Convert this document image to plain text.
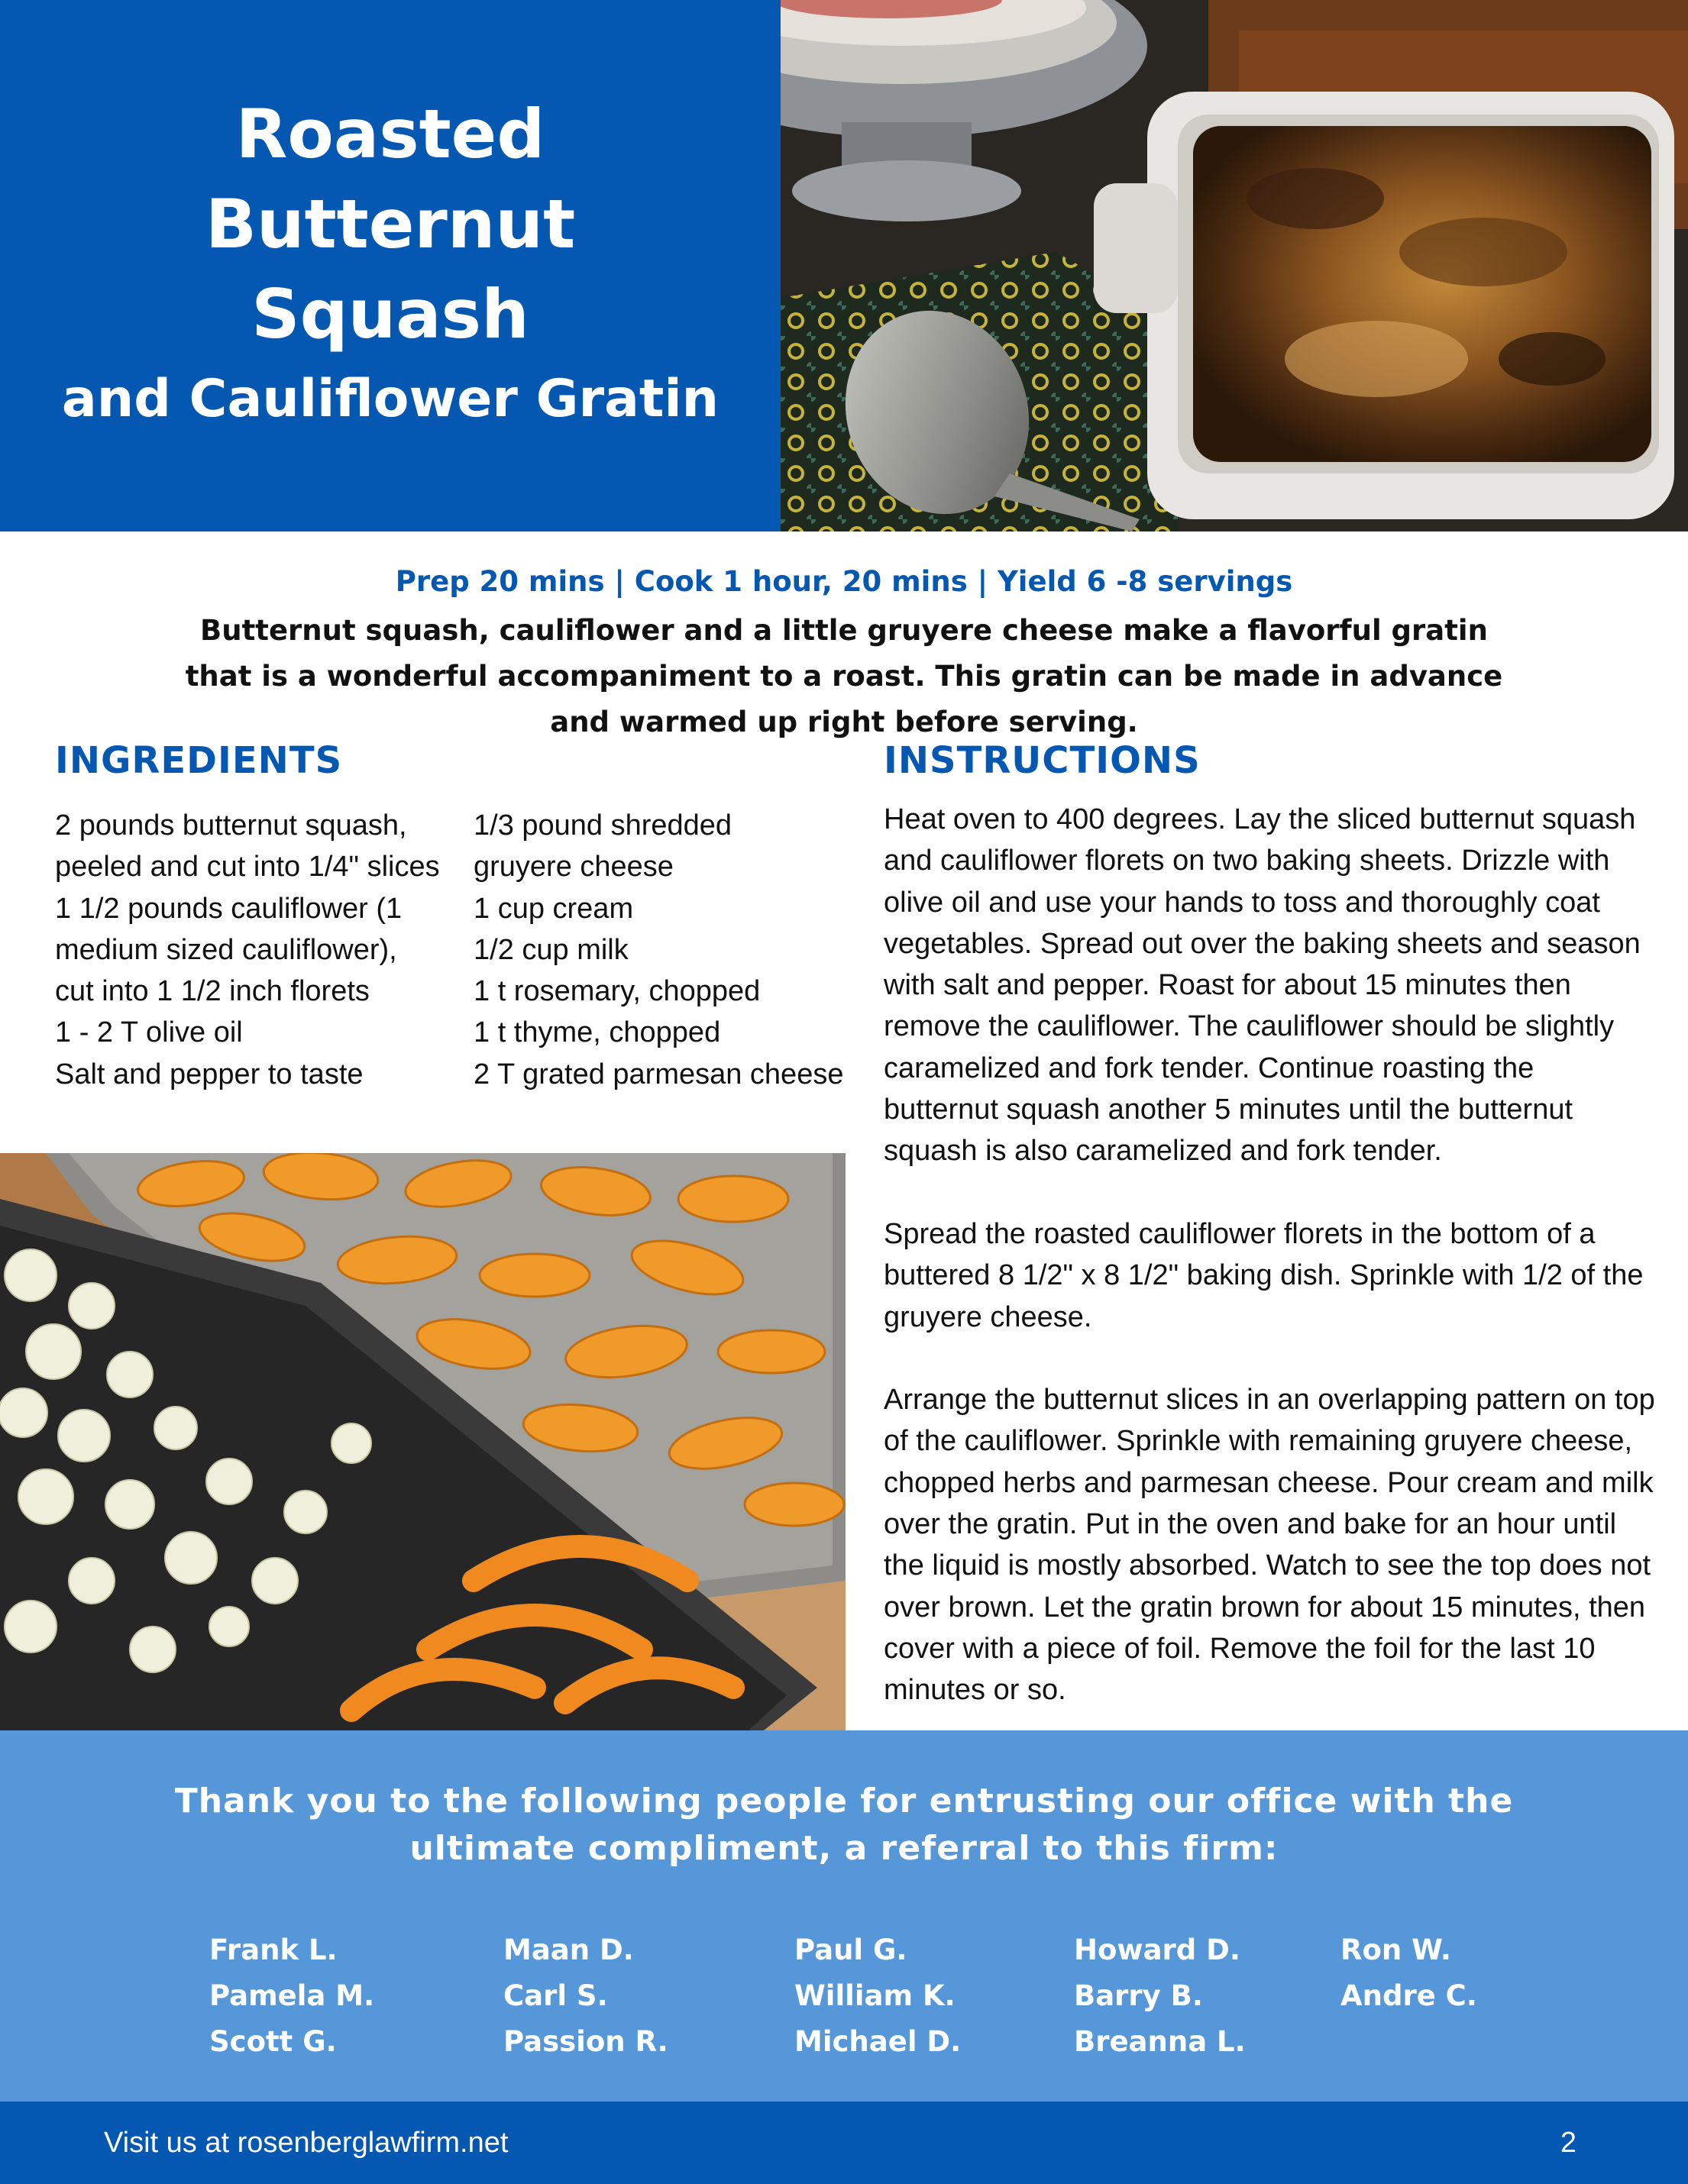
Roasted
Butternut
Squash
and Cauliflower Gratin
Prep 20 mins | Cook 1 hour, 20 mins | Yield 6 -8 servings
Butternut squash, cauliflower and a little gruyere cheese make a flavorful gratin that is a wonderful accompaniment to a roast. This gratin can be made in advance and warmed up right before serving.
INGREDIENTS
2 pounds butternut squash,
peeled and cut into 1/4" slices
1 1/2 pounds cauliflower (1
medium sized cauliflower),
cut into 1 1/2 inch florets
1 - 2 T olive oil
Salt and pepper to taste
1/3 pound shredded
gruyere cheese
1 cup cream
1/2 cup milk
1 t rosemary, chopped
1 t thyme, chopped
2 T grated parmesan cheese
INSTRUCTIONS

Heat oven to 400 degrees. Lay the sliced butternut squash and cauliflower florets on two baking sheets. Drizzle with olive oil and use your hands to toss and thoroughly coat vegetables. Spread out over the baking sheets and season with salt and pepper. Roast for about 15 minutes then remove the cauliflower. The cauliflower should be slightly caramelized and fork tender. Continue roasting the butternut squash another 5 minutes until the butternut squash is also caramelized and fork tender.

Spread the roasted cauliflower florets in the bottom of a buttered 8 1/2" x 8 1/2" baking dish. Sprinkle with 1/2 of the gruyere cheese.

Arrange the butternut slices in an overlapping pattern on top of the cauliflower. Sprinkle with remaining gruyere cheese, chopped herbs and parmesan cheese. Pour cream and milk over the gratin. Put in the oven and bake for an hour until the liquid is mostly absorbed. Watch to see the top does not over brown. Let the gratin brown for about 15 minutes, then cover with a piece of foil. Remove the foil for the last 10 minutes or so.

Thank you to the following people for entrusting our office with the
ultimate compliment, a referral to this firm:
Frank L.
Pamela M.
Scott G.
Maan D.
Carl S.
Passion R.
Paul G.
William K.
Michael D.
Howard D.
Barry B.
Breanna L.
Ron W.
Andre C.
Visit us at rosenberglawfirm.net	2
